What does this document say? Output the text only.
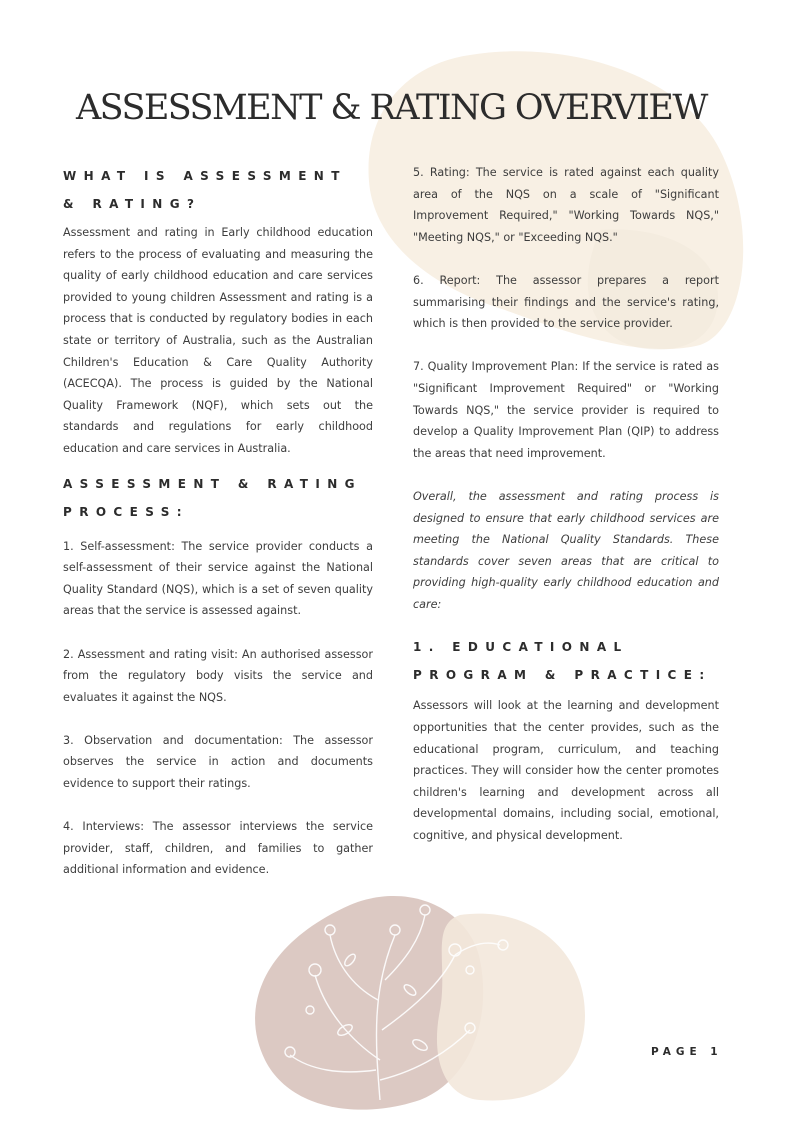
ASSESSMENT & RATING OVERVIEW
WHAT IS ASSESSMENT & RATING?

Assessment and rating in Early childhood education refers to the process of evaluating and measuring the quality of early childhood education and care services provided to young children Assessment and rating is a process that is conducted by regulatory bodies in each state or territory of Australia, such as the Australian Children's Education & Care Quality Authority (ACECQA). The process is guided by the National Quality Framework (NQF), which sets out the standards and regulations for early childhood education and care services in Australia.

ASSESSMENT & RATING PROCESS:

1. Self-assessment: The service provider conducts a self-assessment of their service against the National Quality Standard (NQS), which is a set of seven quality areas that the service is assessed against.

2. Assessment and rating visit: An authorised assessor from the regulatory body visits the service and evaluates it against the NQS.

3. Observation and documentation: The assessor observes the service in action and documents evidence to support their ratings.

4. Interviews: The assessor interviews the service provider, staff, children, and families to gather additional information and evidence.

5. Rating: The service is rated against each quality area of the NQS on a scale of "Significant Improvement Required," "Working Towards NQS," "Meeting NQS," or "Exceeding NQS."

6. Report: The assessor prepares a report summarising their findings and the service's rating, which is then provided to the service provider.

7. Quality Improvement Plan: If the service is rated as "Significant Improvement Required" or "Working Towards NQS," the service provider is required to develop a Quality Improvement Plan (QIP) to address the areas that need improvement.

Overall, the assessment and rating process is designed to ensure that early childhood services are meeting the National Quality Standards. These standards cover seven areas that are critical to providing high-quality early childhood education and care:

1. EDUCATIONAL PROGRAM & PRACTICE:

Assessors will look at the learning and development opportunities that the center provides, such as the educational program, curriculum, and teaching practices. They will consider how the center promotes children's learning and development across all developmental domains, including social, emotional, cognitive, and physical development.

PAGE 1
